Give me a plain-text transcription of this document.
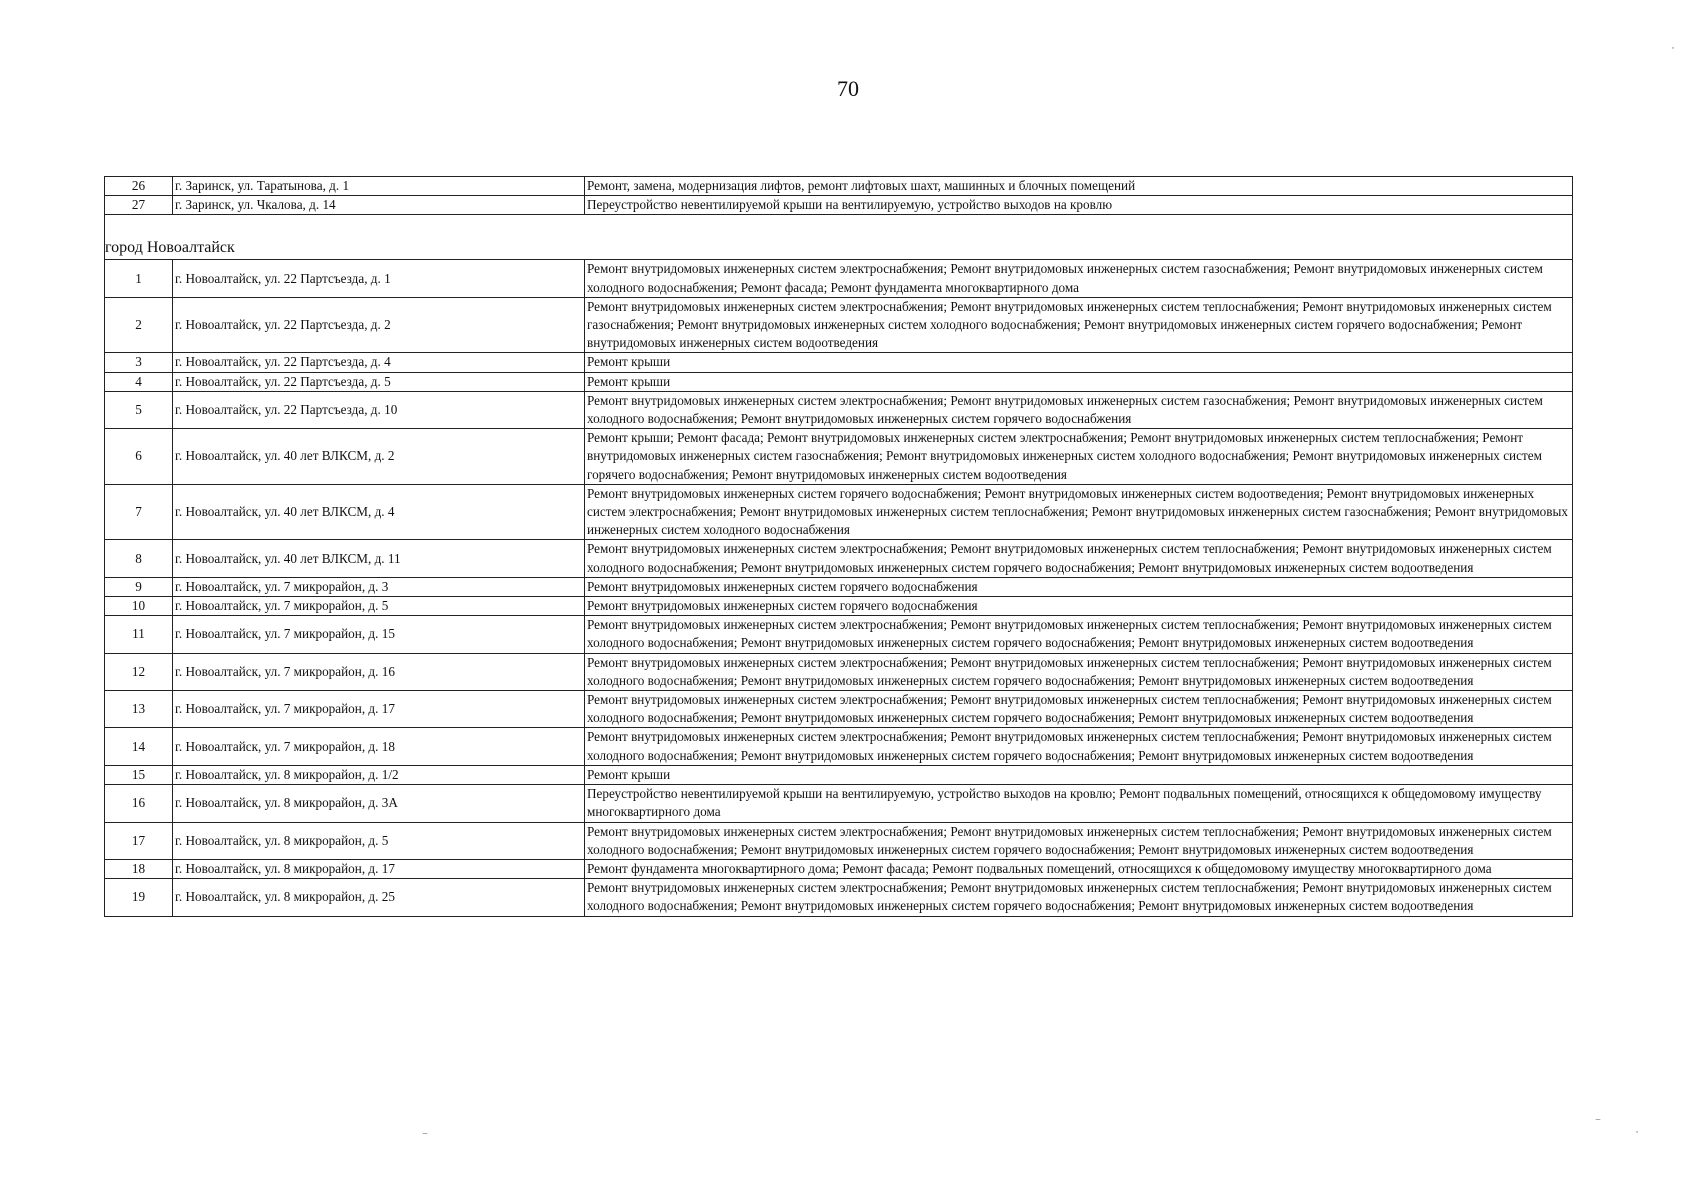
70
26	г. Заринск, ул. Таратынова, д. 1	Ремонт, замена, модернизация лифтов, ремонт лифтовых шахт, машинных и блочных помещений
27	г. Заринск, ул. Чкалова, д. 14	Переустройство невентилируемой крыши на вентилируемую, устройство выходов на кровлю
город Новоалтайск		
1	г. Новоалтайск, ул. 22 Партсъезда, д. 1	Ремонт внутридомовых инженерных систем электроснабжения; Ремонт внутридомовых инженерных систем газоснабжения; Ремонт внутридомовых инженерных систем холодного водоснабжения; Ремонт фасада; Ремонт фундамента многоквартирного дома
2	г. Новоалтайск, ул. 22 Партсъезда, д. 2	Ремонт внутридомовых инженерных систем электроснабжения; Ремонт внутридомовых инженерных систем теплоснабжения; Ремонт внутридомовых инженерных систем газоснабжения; Ремонт внутридомовых инженерных систем холодного водоснабжения; Ремонт внутридомовых инженерных систем горячего водоснабжения; Ремонт внутридомовых инженерных систем водоотведения
3	г. Новоалтайск, ул. 22 Партсъезда, д. 4	Ремонт крыши
4	г. Новоалтайск, ул. 22 Партсъезда, д. 5	Ремонт крыши
5	г. Новоалтайск, ул. 22 Партсъезда, д. 10	Ремонт внутридомовых инженерных систем электроснабжения; Ремонт внутридомовых инженерных систем газоснабжения; Ремонт внутридомовых инженерных систем холодного водоснабжения; Ремонт внутридомовых инженерных систем горячего водоснабжения
6	г. Новоалтайск, ул. 40 лет ВЛКСМ, д. 2	Ремонт крыши; Ремонт фасада; Ремонт внутридомовых инженерных систем электроснабжения; Ремонт внутридомовых инженерных систем теплоснабжения; Ремонт внутридомовых инженерных систем газоснабжения; Ремонт внутридомовых инженерных систем холодного водоснабжения; Ремонт внутридомовых инженерных систем горячего водоснабжения; Ремонт внутридомовых инженерных систем водоотведения
7	г. Новоалтайск, ул. 40 лет ВЛКСМ, д. 4	Ремонт внутридомовых инженерных систем горячего водоснабжения; Ремонт внутридомовых инженерных систем водоотведения; Ремонт внутридомовых инженерных систем электроснабжения; Ремонт внутридомовых инженерных систем теплоснабжения; Ремонт внутридомовых инженерных систем газоснабжения; Ремонт внутридомовых инженерных систем холодного водоснабжения
8	г. Новоалтайск, ул. 40 лет ВЛКСМ, д. 11	Ремонт внутридомовых инженерных систем электроснабжения; Ремонт внутридомовых инженерных систем теплоснабжения; Ремонт внутридомовых инженерных систем холодного водоснабжения; Ремонт внутридомовых инженерных систем горячего водоснабжения; Ремонт внутридомовых инженерных систем водоотведения
9	г. Новоалтайск, ул. 7 микрорайон, д. 3	Ремонт внутридомовых инженерных систем горячего водоснабжения
10	г. Новоалтайск, ул. 7 микрорайон, д. 5	Ремонт внутридомовых инженерных систем горячего водоснабжения
11	г. Новоалтайск, ул. 7 микрорайон, д. 15	Ремонт внутридомовых инженерных систем электроснабжения; Ремонт внутридомовых инженерных систем теплоснабжения; Ремонт внутридомовых инженерных систем холодного водоснабжения; Ремонт внутридомовых инженерных систем горячего водоснабжения; Ремонт внутридомовых инженерных систем водоотведения
12	г. Новоалтайск, ул. 7 микрорайон, д. 16	Ремонт внутридомовых инженерных систем электроснабжения; Ремонт внутридомовых инженерных систем теплоснабжения; Ремонт внутридомовых инженерных систем холодного водоснабжения; Ремонт внутридомовых инженерных систем горячего водоснабжения; Ремонт внутридомовых инженерных систем водоотведения
13	г. Новоалтайск, ул. 7 микрорайон, д. 17	Ремонт внутридомовых инженерных систем электроснабжения; Ремонт внутридомовых инженерных систем теплоснабжения; Ремонт внутридомовых инженерных систем холодного водоснабжения; Ремонт внутридомовых инженерных систем горячего водоснабжения; Ремонт внутридомовых инженерных систем водоотведения
14	г. Новоалтайск, ул. 7 микрорайон, д. 18	Ремонт внутридомовых инженерных систем электроснабжения; Ремонт внутридомовых инженерных систем теплоснабжения; Ремонт внутридомовых инженерных систем холодного водоснабжения; Ремонт внутридомовых инженерных систем горячего водоснабжения; Ремонт внутридомовых инженерных систем водоотведения
15	г. Новоалтайск, ул. 8 микрорайон, д. 1/2	Ремонт крыши
16	г. Новоалтайск, ул. 8 микрорайон, д. 3А	Переустройство невентилируемой крыши на вентилируемую, устройство выходов на кровлю; Ремонт подвальных помещений, относящихся к общедомовому имуществу многоквартирного дома
17	г. Новоалтайск, ул. 8 микрорайон, д. 5	Ремонт внутридомовых инженерных систем электроснабжения; Ремонт внутридомовых инженерных систем теплоснабжения; Ремонт внутридомовых инженерных систем холодного водоснабжения; Ремонт внутридомовых инженерных систем горячего водоснабжения; Ремонт внутридомовых инженерных систем водоотведения
18	г. Новоалтайск, ул. 8 микрорайон, д. 17	Ремонт фундамента многоквартирного дома; Ремонт фасада; Ремонт подвальных помещений, относящихся к общедомовому имуществу многоквартирного дома
19	г. Новоалтайск, ул. 8 микрорайон, д. 25	Ремонт внутридомовых инженерных систем электроснабжения; Ремонт внутридомовых инженерных систем теплоснабжения; Ремонт внутридомовых инженерных систем холодного водоснабжения; Ремонт внутридомовых инженерных систем горячего водоснабжения; Ремонт внутридомовых инженерных систем водоотведения
‾
‾
˙
˙
